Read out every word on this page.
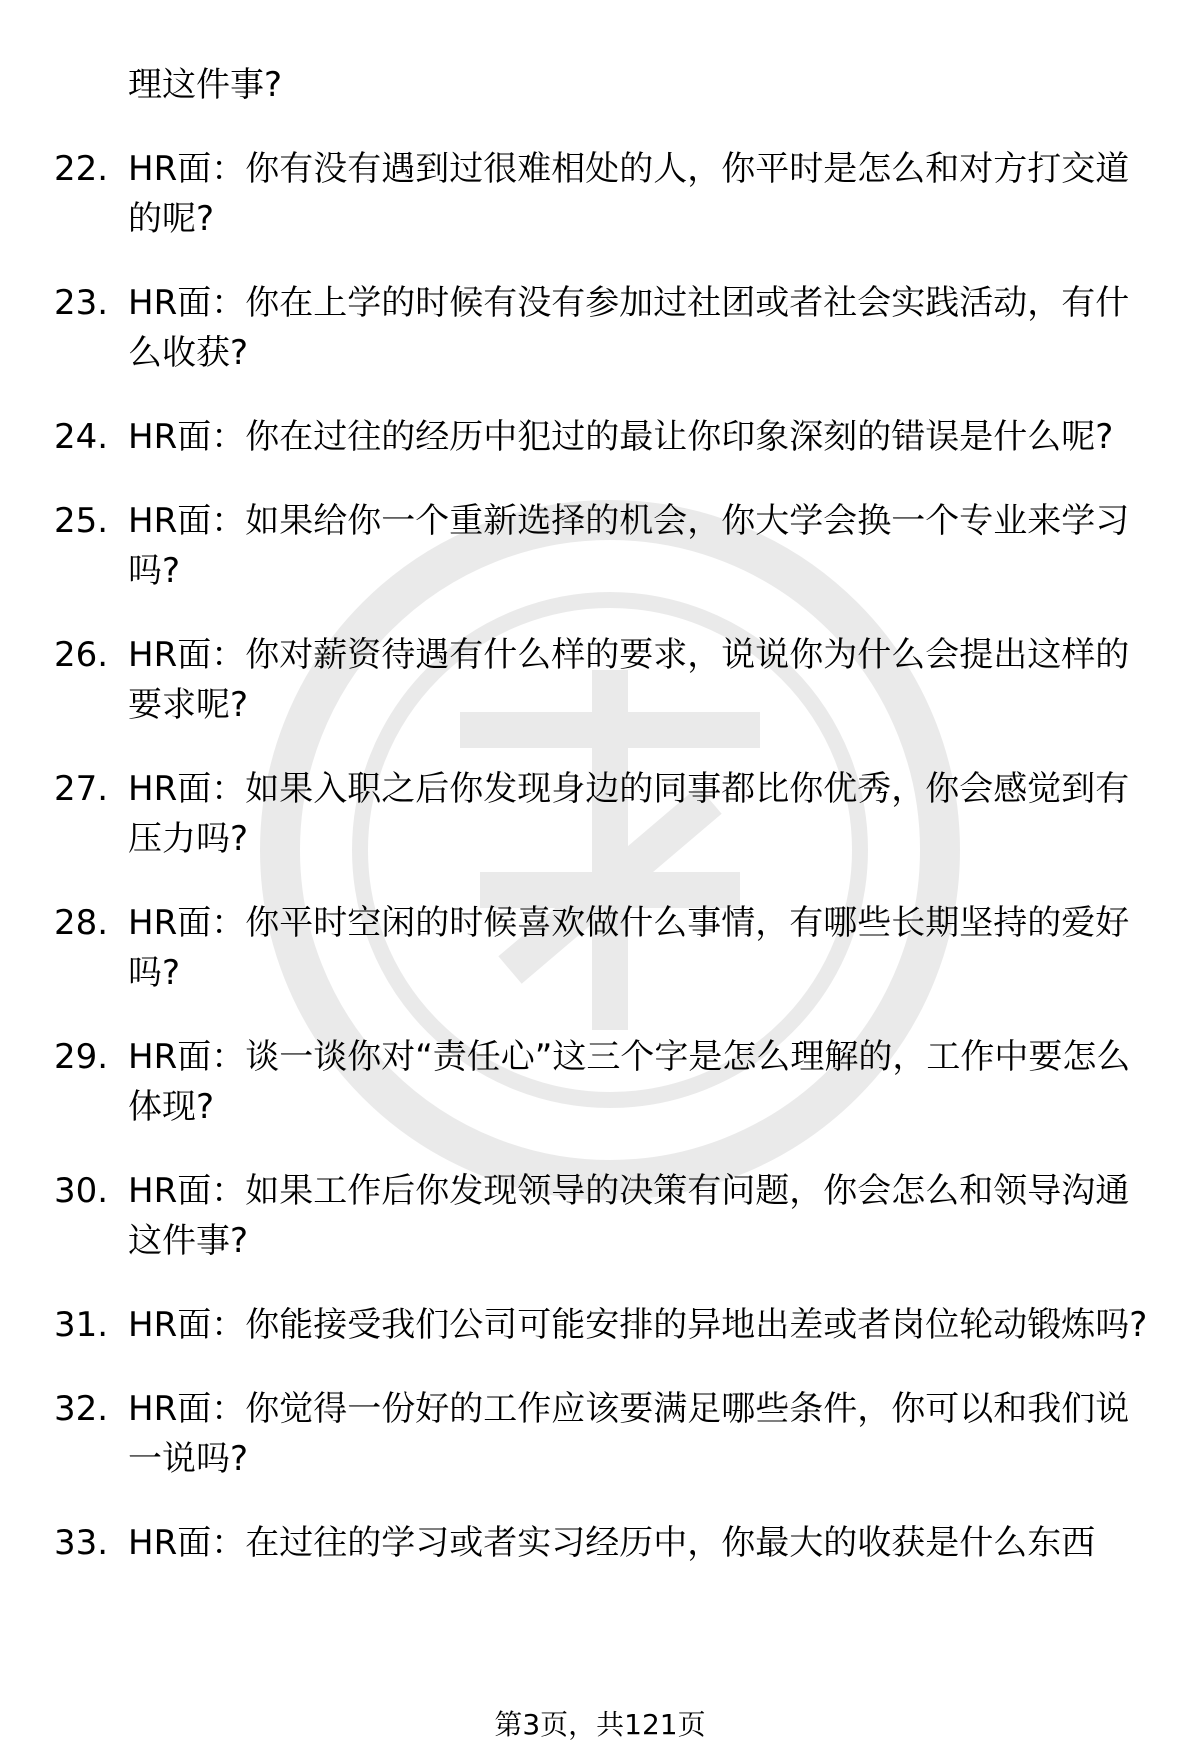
理这件事?
22. HR面：你有没有遇到过很难相处的人，你平时是怎么和对方打交道的呢?
23. HR面：你在上学的时候有没有参加过社团或者社会实践活动，有什么收获?
24. HR面：你在过往的经历中犯过的最让你印象深刻的错误是什么呢?
25. HR面：如果给你一个重新选择的机会，你大学会换一个专业来学习吗?
26. HR面：你对薪资待遇有什么样的要求，说说你为什么会提出这样的要求呢?
27. HR面：如果入职之后你发现身边的同事都比你优秀，你会感觉到有压力吗?
28. HR面：你平时空闲的时候喜欢做什么事情，有哪些长期坚持的爱好吗?
29. HR面：谈一谈你对“责任心”这三个字是怎么理解的，工作中要怎么体现?
30. HR面：如果工作后你发现领导的决策有问题，你会怎么和领导沟通这件事?
31. HR面：你能接受我们公司可能安排的异地出差或者岗位轮动锻炼吗?
32. HR面：你觉得一份好的工作应该要满足哪些条件，你可以和我们说一说吗?
33. HR面：在过往的学习或者实习经历中，你最大的收获是什么东西
第3页，共121页
